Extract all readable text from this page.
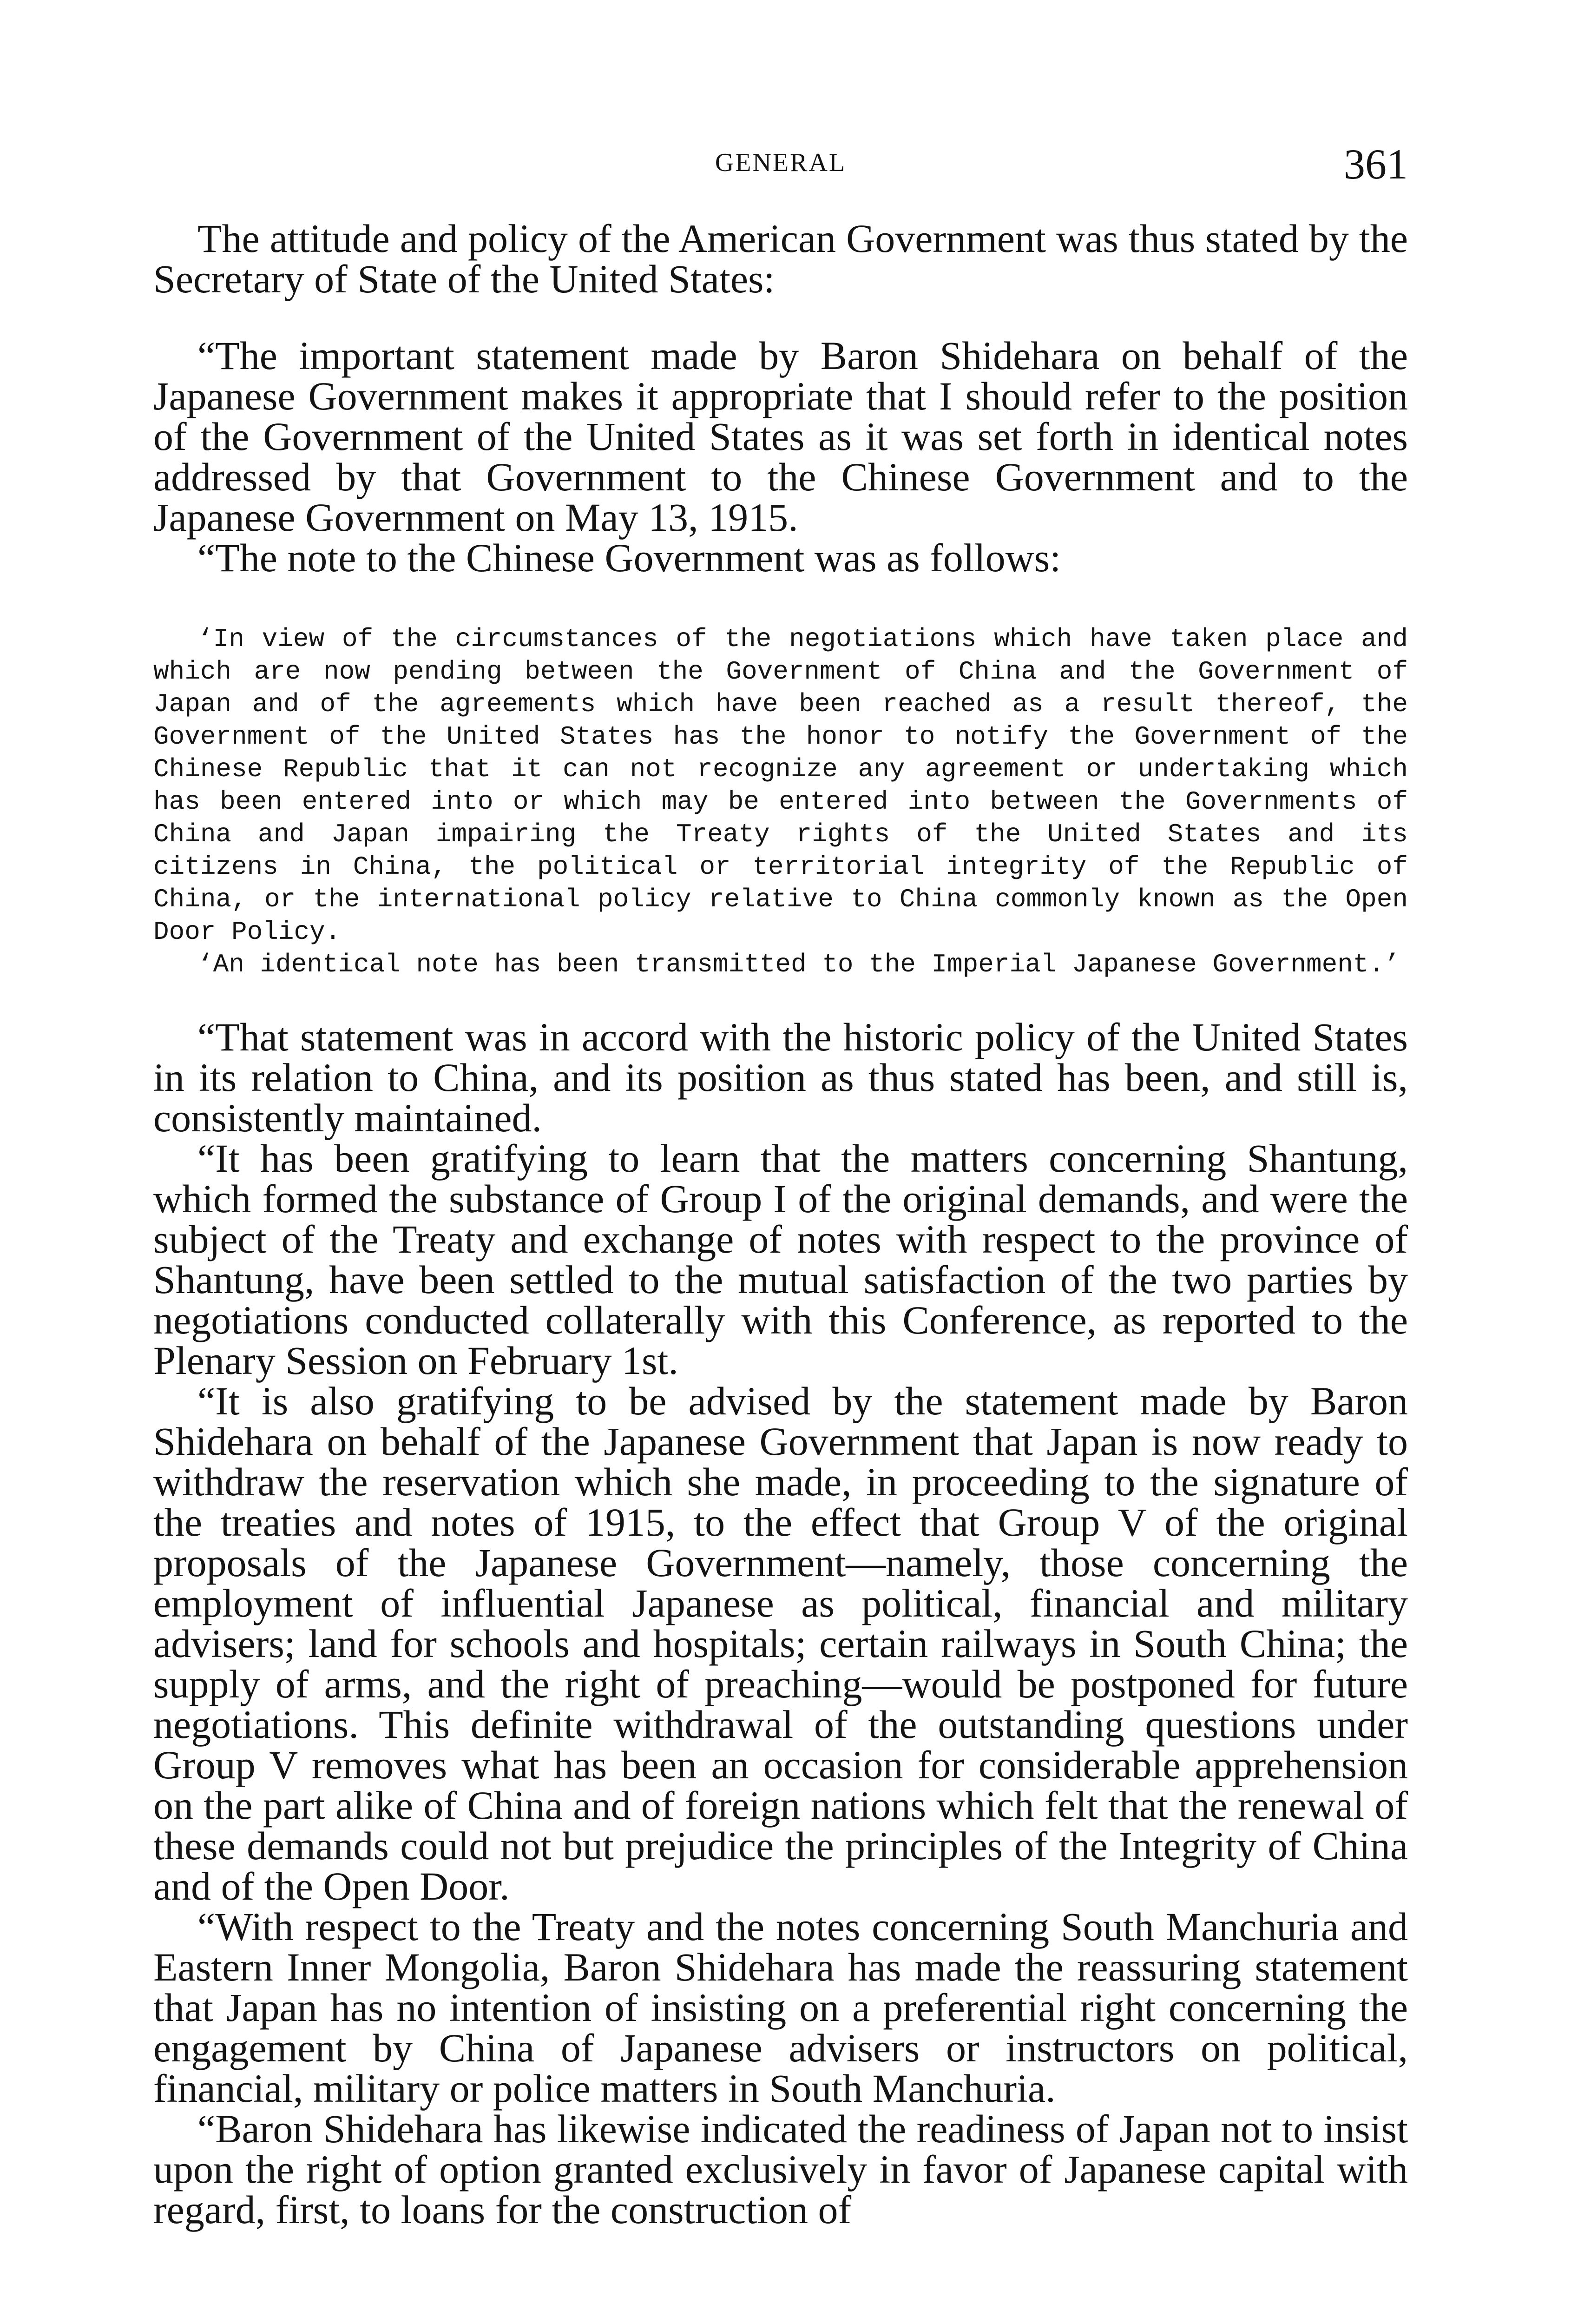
GENERAL	361

The attitude and policy of the American Government was thus stated by the Secretary of State of the United States:

“The important statement made by Baron Shidehara on behalf of the Japanese Government makes it appropriate that I should refer to the position of the Government of the United States as it was set forth in identical notes addressed by that Government to the Chinese Government and to the Japanese Government on May 13, 1915.

“The note to the Chinese Government was as follows:

‘In view of the circumstances of the negotiations which have taken place and which are now pending between the Government of China and the Government of Japan and of the agreements which have been reached as a result thereof, the Government of the United States has the honor to notify the Government of the Chinese Republic that it can not recognize any agreement or undertaking which has been entered into or which may be entered into between the Governments of China and Japan impairing the Treaty rights of the United States and its citizens in China, the political or territorial integrity of the Republic of China, or the international policy relative to China commonly known as the Open Door Policy.

‘An identical note has been transmitted to the Imperial Japanese Government.’

“That statement was in accord with the historic policy of the United States in its relation to China, and its position as thus stated has been, and still is, consistently maintained.

“It has been gratifying to learn that the matters concerning Shantung, which formed the substance of Group I of the original demands, and were the subject of the Treaty and exchange of notes with respect to the province of Shantung, have been settled to the mutual satisfaction of the two parties by negotiations conducted collaterally with this Conference, as reported to the Plenary Session on February 1st.

“It is also gratifying to be advised by the statement made by Baron Shidehara on behalf of the Japanese Government that Japan is now ready to withdraw the reservation which she made, in proceeding to the signature of the treaties and notes of 1915, to the effect that Group V of the original proposals of the Japanese Government—namely, those concerning the employment of influential Japanese as political, financial and military advisers; land for schools and hospitals; certain railways in South China; the supply of arms, and the right of preaching—would be postponed for future negotiations. This definite withdrawal of the outstanding questions under Group V removes what has been an occasion for considerable apprehension on the part alike of China and of foreign nations which felt that the renewal of these demands could not but prejudice the principles of the Integrity of China and of the Open Door.

“With respect to the Treaty and the notes concerning South Manchuria and Eastern Inner Mongolia, Baron Shidehara has made the reassuring statement that Japan has no intention of insisting on a preferential right concerning the engagement by China of Japanese advisers or instructors on political, financial, military or police matters in South Manchuria.

“Baron Shidehara has likewise indicated the readiness of Japan not to insist upon the right of option granted exclusively in favor of Japanese capital with regard, first, to loans for the construction of
